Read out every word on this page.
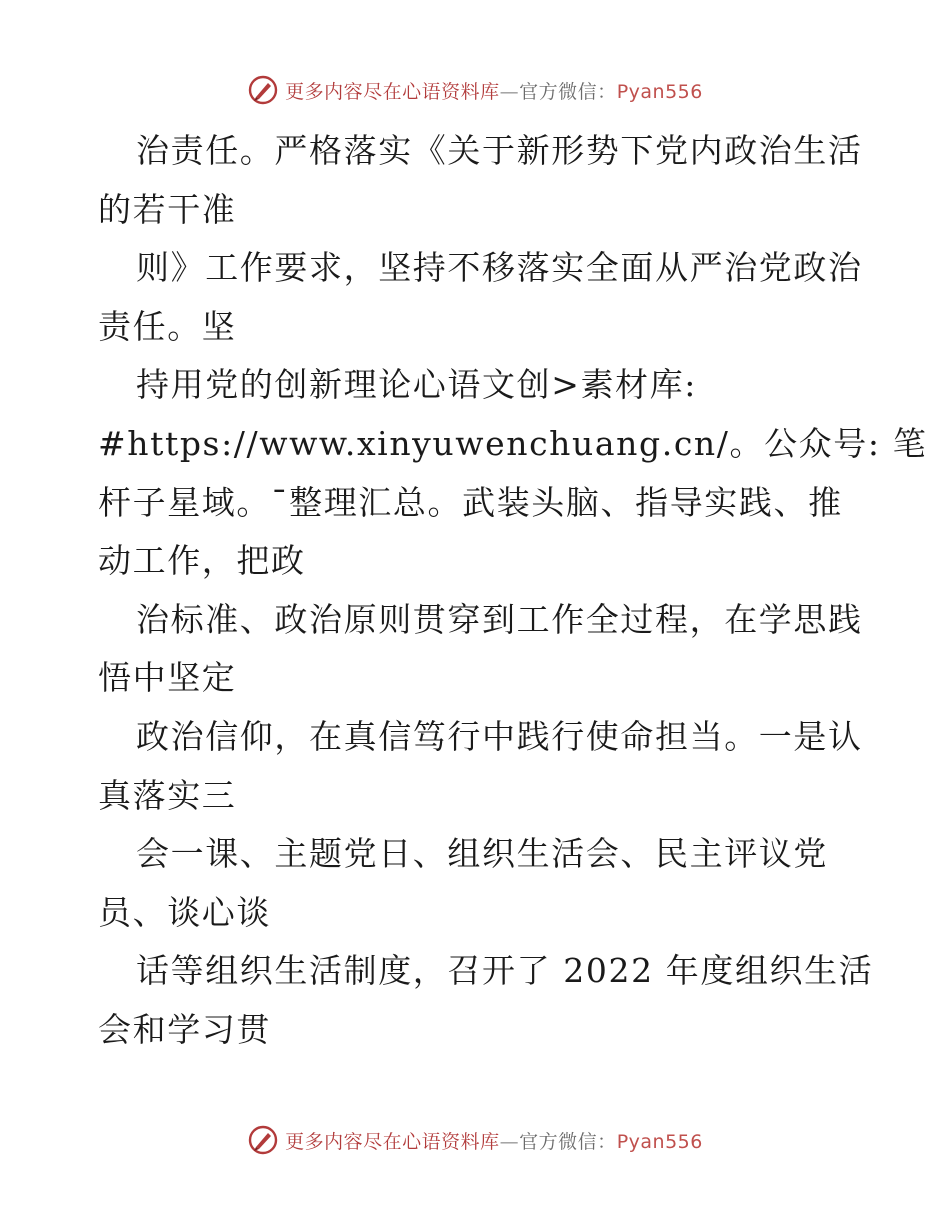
更多内容尽在心语资料库—官方微信：Pyan556
治责任。严格落实《关于新形势下党内政治生活
的若干准
则》工作要求，坚持不移落实全面从严治党政治
责任。坚
持用党的创新理论心语文创>素材库:
#https://www.xinyuwenchuang.cn/。公众号: 笔
杆子星域。¯整理汇总。武装头脑、指导实践、推
动工作，把政
治标准、政治原则贯穿到工作全过程，在学思践
悟中坚定
政治信仰，在真信笃行中践行使命担当。一是认
真落实三
会一课、主题党日、组织生活会、民主评议党
员、谈心谈
话等组织生活制度，召开了 2022 年度组织生活
会和学习贯
更多内容尽在心语资料库—官方微信：Pyan556
